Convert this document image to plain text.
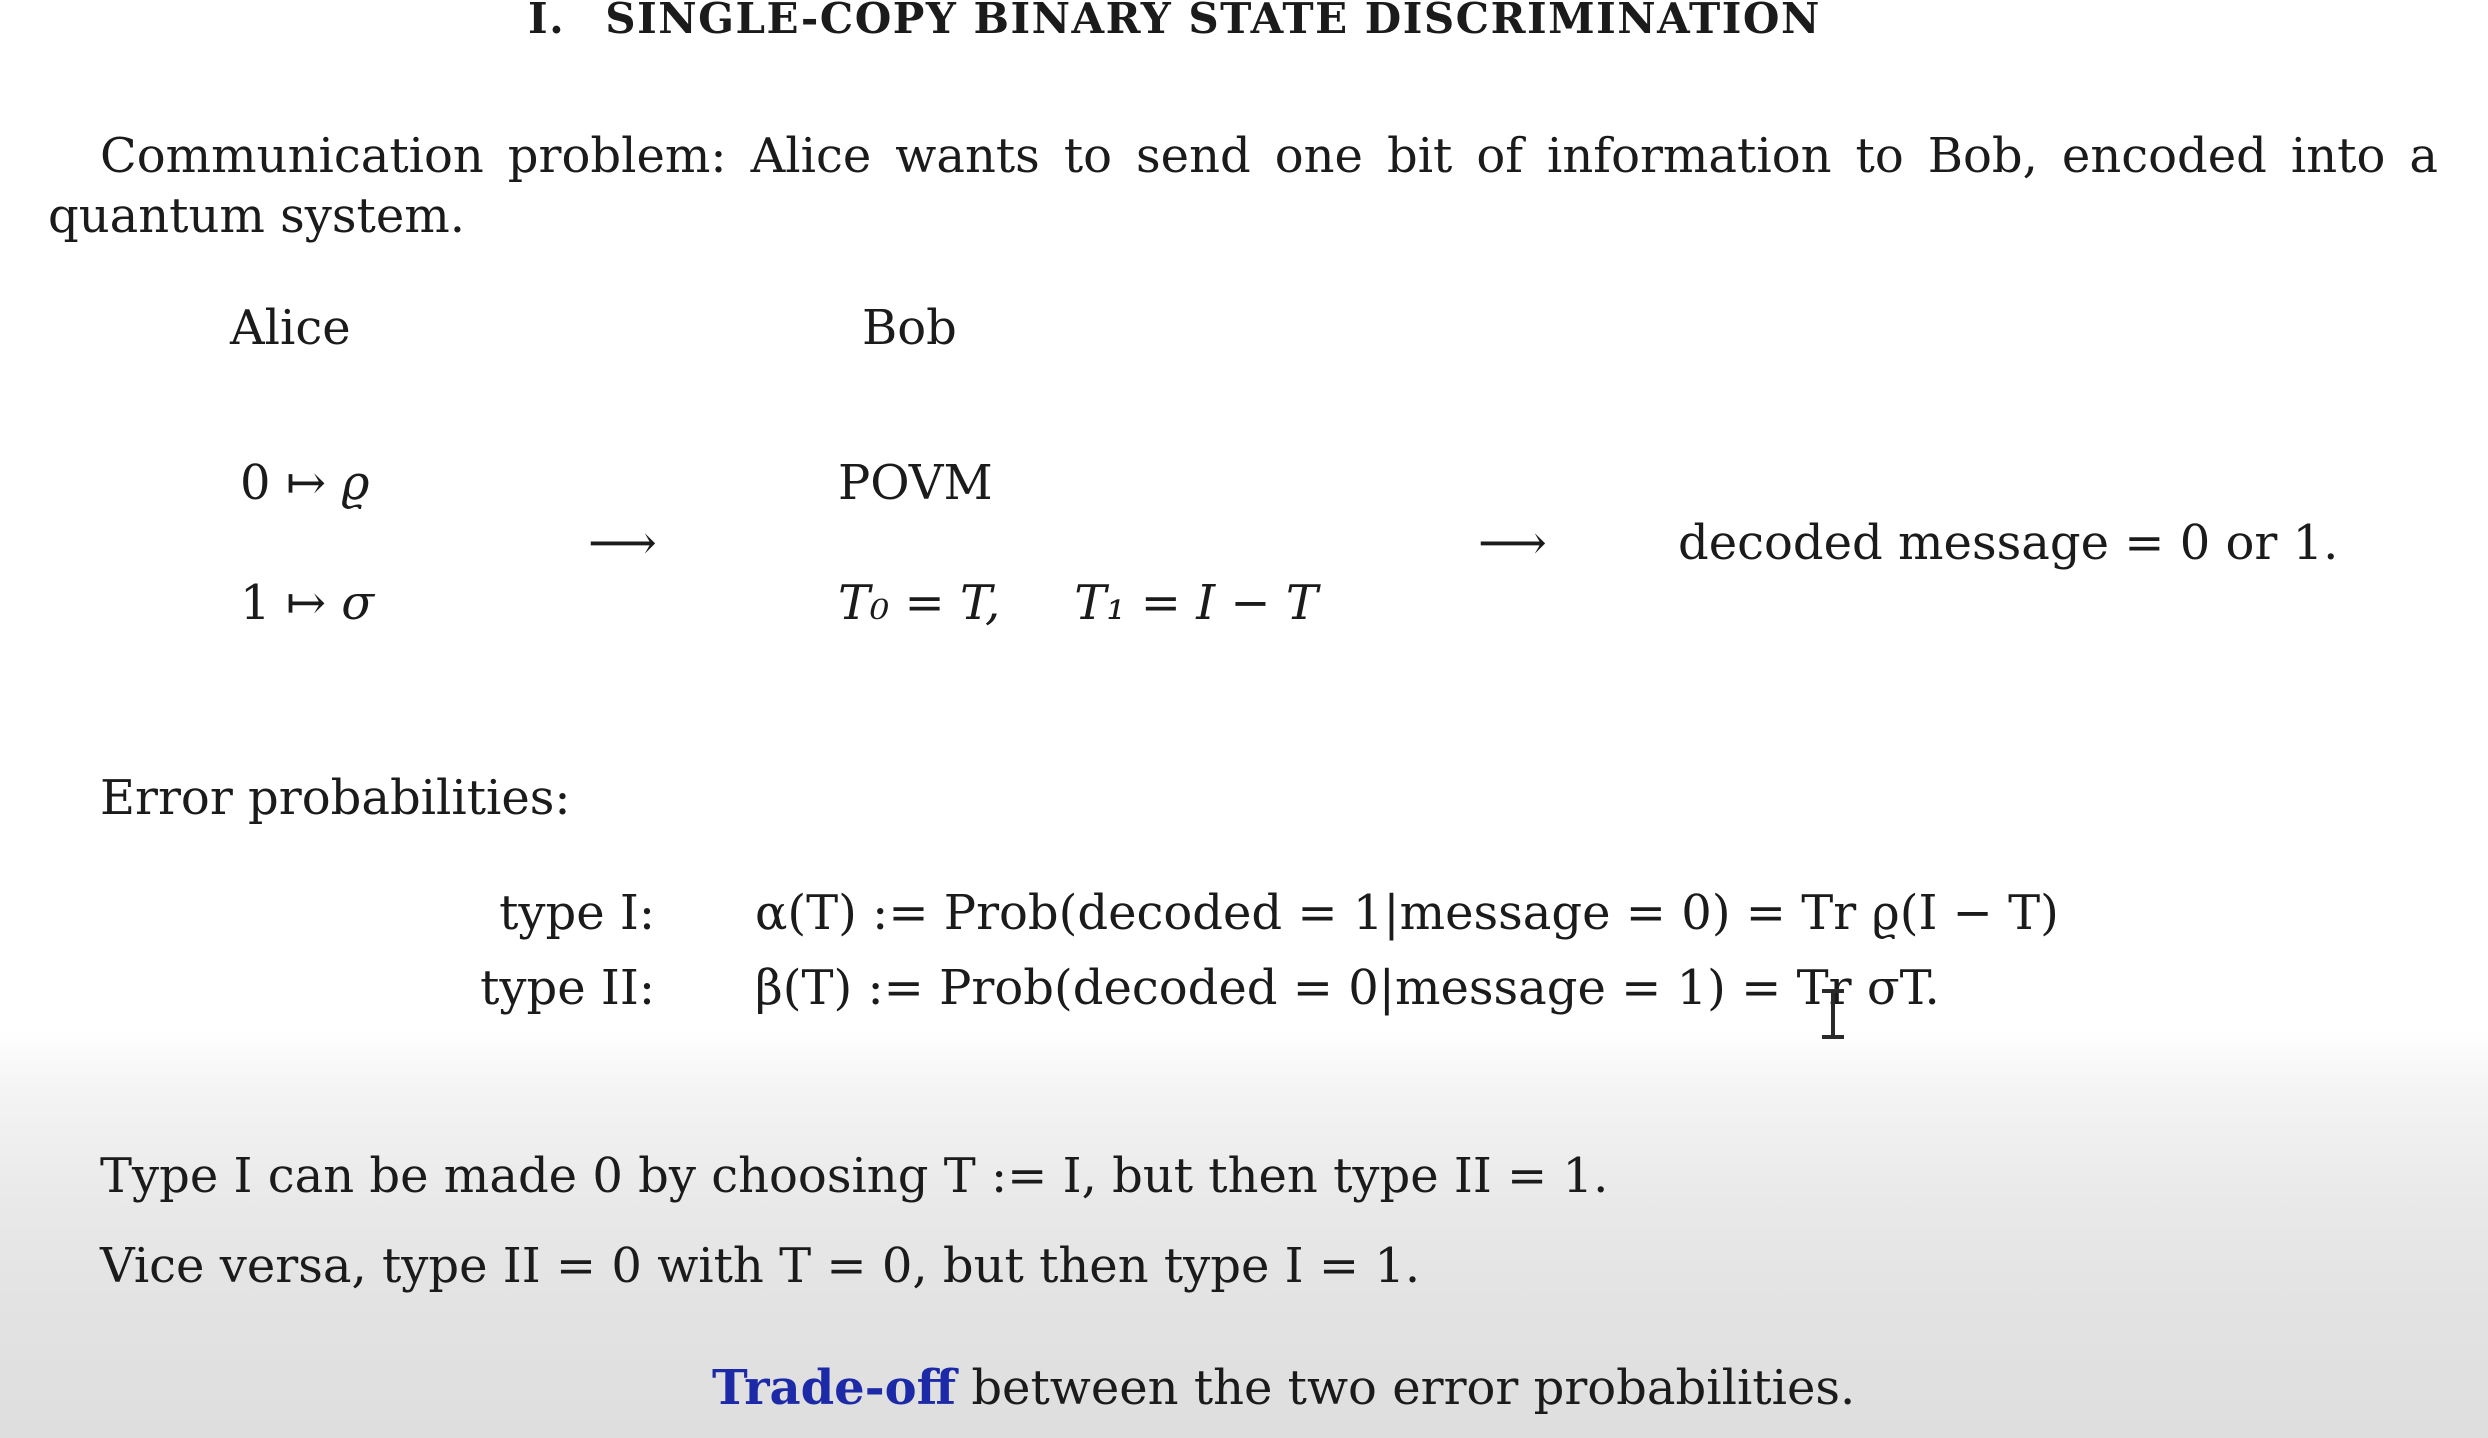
I. SINGLE-COPY BINARY STATE DISCRIMINATION
Communication problem: Alice wants to send one bit of information to Bob, encoded into a quantum system.
Alice	Bob
0 ↦ ϱ
1 ↦ σ
⟶
POVM
T₀ = T, T₁ = I − T
⟶	decoded message = 0 or 1.
Error probabilities:
type I: α(T) := Prob(decoded = 1|message = 0) = Tr ϱ(I − T)
type II: β(T) := Prob(decoded = 0|message = 1) = Tr σT.
Type I can be made 0 by choosing T := I, but then type II = 1.
Vice versa, type II = 0 with T = 0, but then type I = 1.
Trade-off between the two error probabilities.
